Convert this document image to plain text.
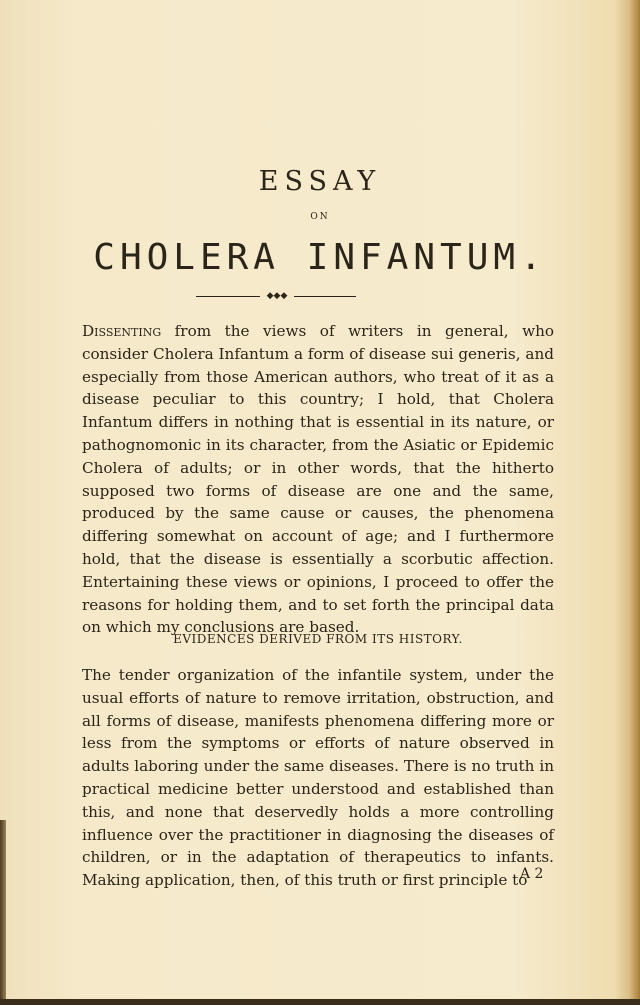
ESSAY
ON
CHOLERA INFANTUM.
◆◆◆
Dissenting from the views of writers in general, who consider Cholera Infantum a form of disease sui generis, and especially from those American authors, who treat of it as a disease peculiar to this country; I hold, that Cholera Infantum differs in nothing that is essential in its nature, or pathognomonic in its character, from the Asiatic or Epidemic Cholera of adults; or in other words, that the hitherto supposed two forms of disease are one and the same, produced by the same cause or causes, the phenomena differing somewhat on account of age; and I furthermore hold, that the disease is essentially a scorbutic affection. Entertaining these views or opinions, I proceed to offer the reasons for holding them, and to set forth the principal data on which my conclusions are based.
EVIDENCES DERIVED FROM ITS HISTORY.
The tender organization of the infantile system, under the usual efforts of nature to remove irritation, obstruction, and all forms of disease, manifests phenomena differing more or less from the symptoms or efforts of nature observed in adults laboring under the same diseases. There is no truth in practical medicine better understood and established than this, and none that deservedly holds a more controlling influence over the practitioner in diagnosing the diseases of children, or in the adaptation of therapeutics to infants. Making application, then, of this truth or first principle to
A 2
